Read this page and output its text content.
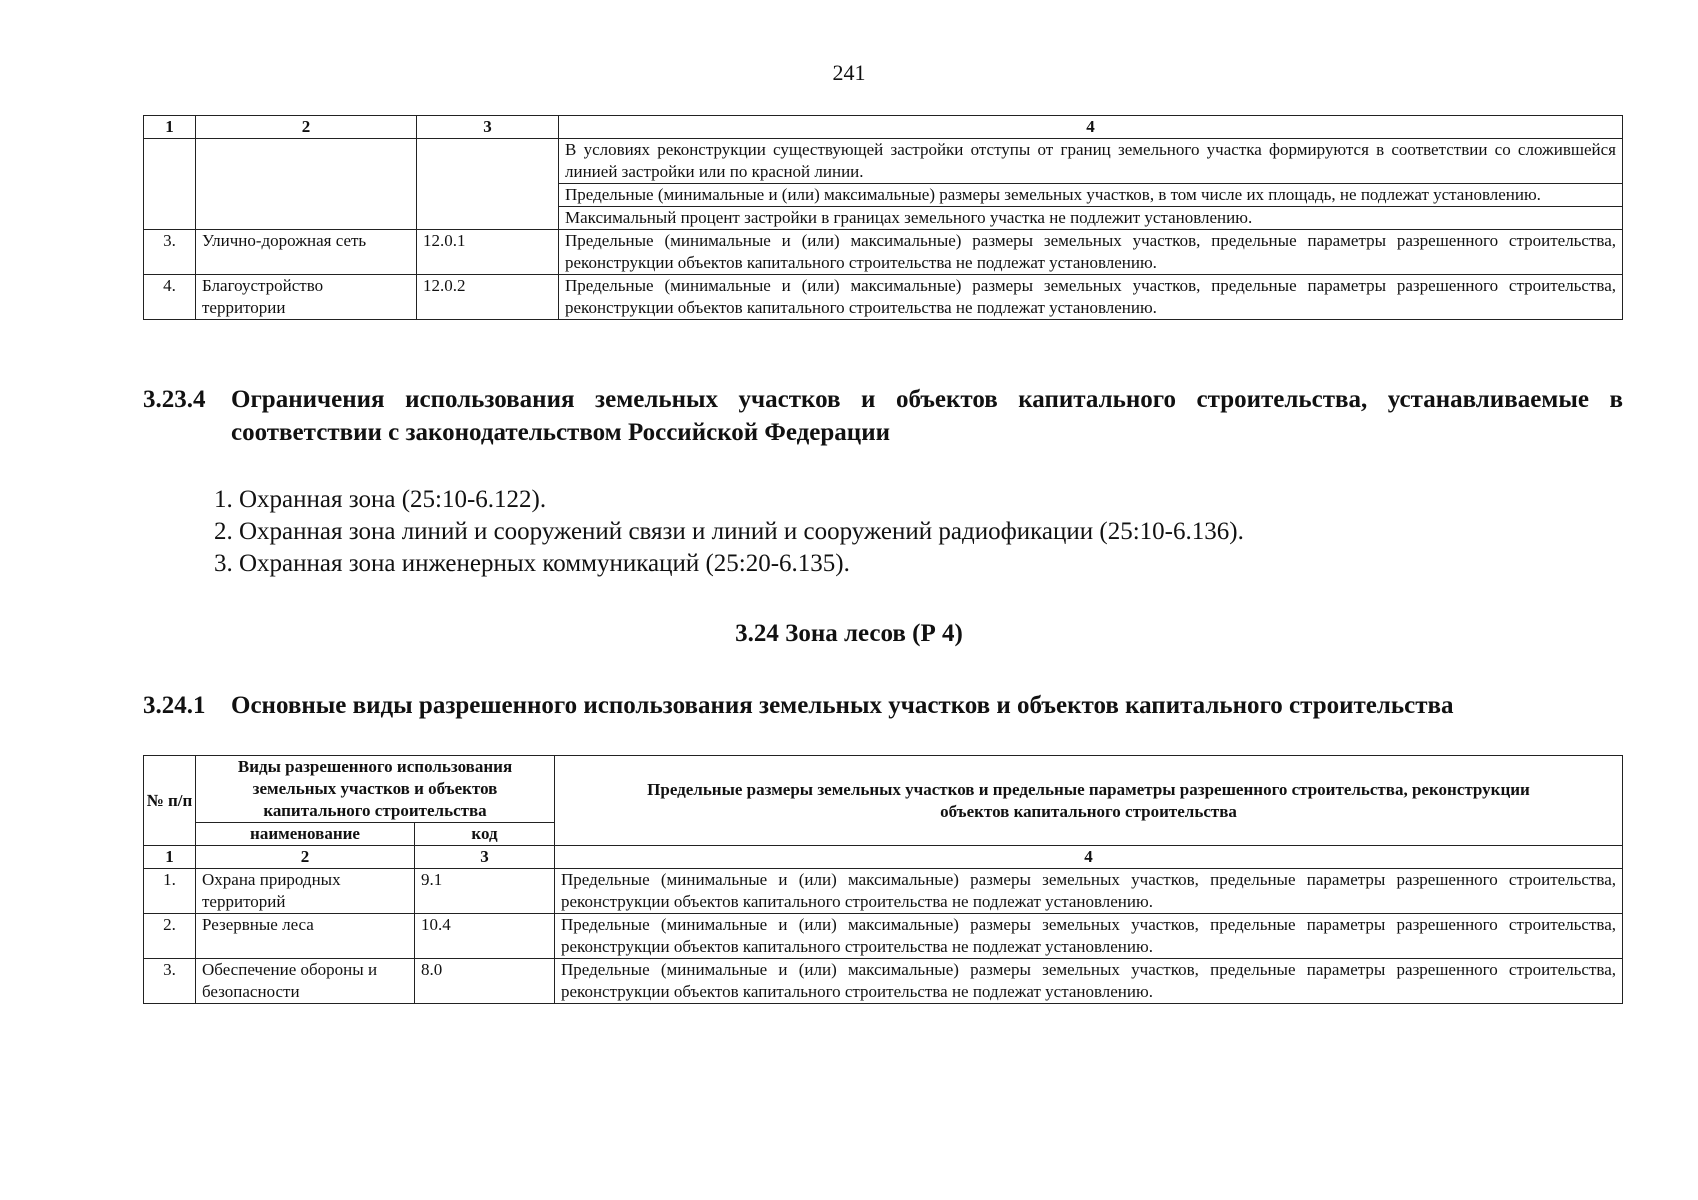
241
1	2	3	4
			В условиях реконструкции существующей застройки отступы от границ земельного участка формируются в соответствии со сложившейся линией застройки или по красной линии.
			Предельные (минимальные и (или) максимальные) размеры земельных участков, в том числе их площадь, не подлежат установлению.
			Максимальный процент застройки в границах земельного участка не подлежит установлению.
3.	Улично-дорожная сеть	12.0.1	Предельные (минимальные и (или) максимальные) размеры земельных участков, предельные параметры разрешенного строительства, реконструкции объектов капитального строительства не подлежат установлению.
4.	Благоустройство территории	12.0.2	Предельные (минимальные и (или) максимальные) размеры земельных участков, предельные параметры разрешенного строительства, реконструкции объектов капитального строительства не подлежат установлению.
3.23.4 Ограничения использования земельных участков и объектов капитального строительства, устанавливаемые в соответствии с законодательством Российской Федерации
1. Охранная зона (25:10-6.122).
2. Охранная зона линий и сооружений связи и линий и сооружений радиофикации (25:10-6.136).
3. Охранная зона инженерных коммуникаций (25:20-6.135).
3.24 Зона лесов (Р 4)
3.24.1 Основные виды разрешенного использования земельных участков и объектов капитального строительства
№ п/п	Виды разрешенного использования земельных участков и объектов капитального строительства		Предельные размеры земельных участков и предельные параметры разрешенного строительства, реконструкции объектов капитального строительства
	наименование	код	
1	2	3	4
1.	Охрана природных территорий	9.1	Предельные (минимальные и (или) максимальные) размеры земельных участков, предельные параметры разрешенного строительства, реконструкции объектов капитального строительства не подлежат установлению.
2.	Резервные леса	10.4	Предельные (минимальные и (или) максимальные) размеры земельных участков, предельные параметры разрешенного строительства, реконструкции объектов капитального строительства не подлежат установлению.
3.	Обеспечение обороны и безопасности	8.0	Предельные (минимальные и (или) максимальные) размеры земельных участков, предельные параметры разрешенного строительства, реконструкции объектов капитального строительства не подлежат установлению.
